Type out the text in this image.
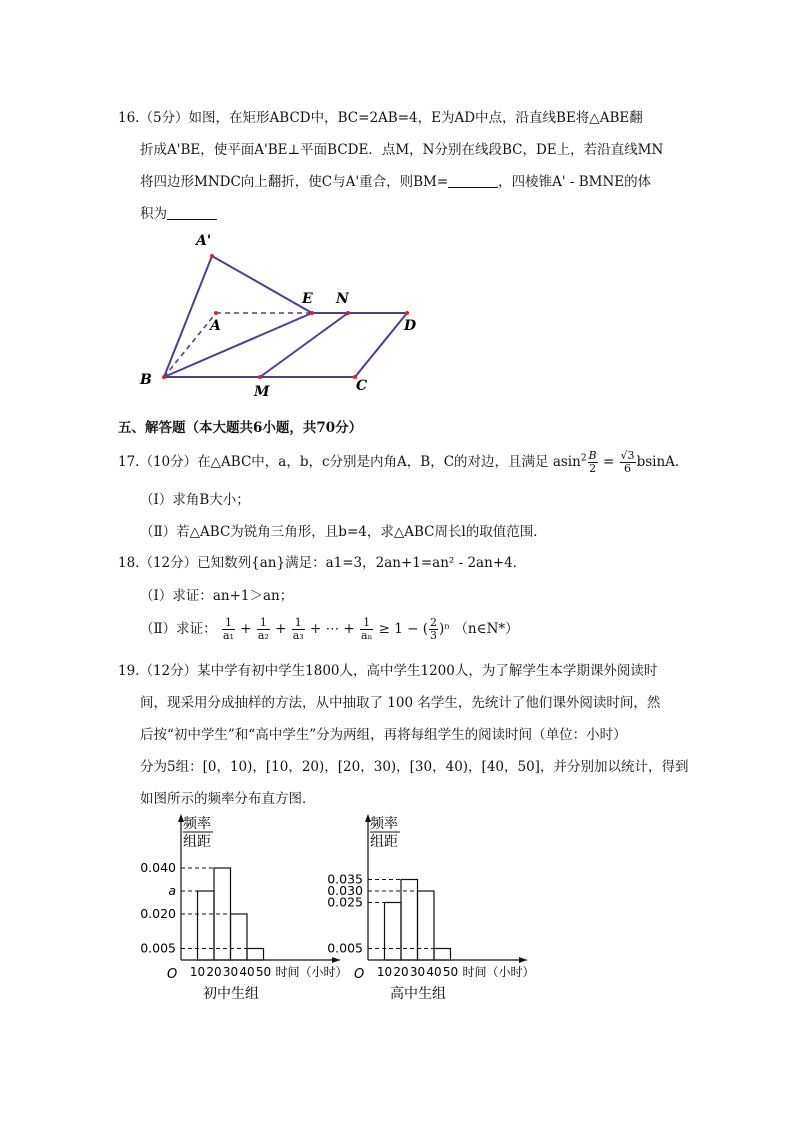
16.（5分）如图，在矩形ABCD中，BC=2AB=4，E为AD中点，沿直线BE将△ABE翻
折成A'BE，使平面A'BE⊥平面BCDE．点M，N分别在线段BC，DE上，若沿直线MN
将四边形MNDC向上翻折，使C与A'重合，则BM=	，四棱锥A' - BMNE的体
积为
A'
A
E N
D
B
M	C
五、解答题（本大题共6小题，共70分）
17.（10分）在△ABC中，a，b，c分别是内角A，B，C的对边，且满足 $asin^2 \frac{B}{2} = \frac{√3}{6} bsinA$.
（Ⅰ）求角B大小；
（Ⅱ）若△ABC为锐角三角形，且b=4，求△ABC周长l的取值范围．
18.（12分）已知数列{an}满足：a1=3，2an+1=an² - 2an+4．
（Ⅰ）求证：an+1＞an；
（Ⅱ）求证： $\frac{1}{\text{a₁}} + \frac{1}{\text{a₂}} + \frac{1}{\text{a₃}}$ + ⋯ + $\frac{1}{\text{aₙ}} \ge 1$ − ( $\frac{2}{3} )^n$ （n∈N*）
19.（12分）某中学有初中学生1800人，高中学生1200人，为了解学生本学期课外阅读时
间，现采用分成抽样的方法，从中抽取了 100 名学生，先统计了他们课外阅读时间，然
后按“初中学生”和“高中学生”分为两组，再将每组学生的阅读时间（单位：小时）
分为5组：[0，10)，[10，20)，[20，30)，[30，40)，[40，50]，并分别加以统计，得到
如图所示的频率分布直方图．
频率
组距
0.040
a
0.020
0.005
O 10 20 30 40 50 时间（小时）
初中生组
频率
组距
0.035
0.030
0.025
0.005
O 10 20 30 40 50 时间（小时）
高中生组
